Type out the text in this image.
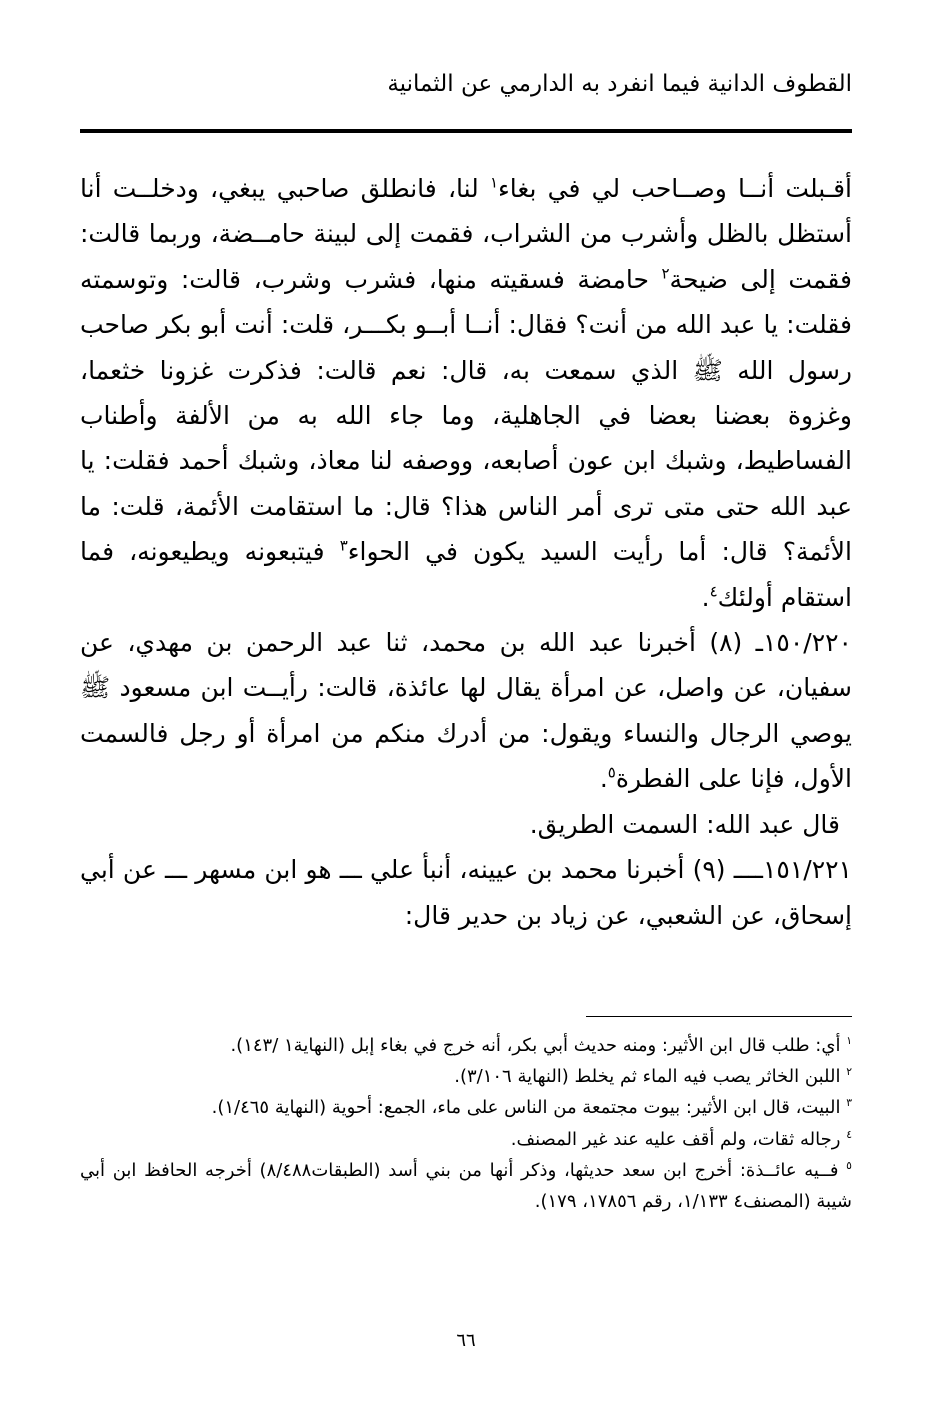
القطوف الدانية فيما انفرد به الدارمي عن الثمانية

أقـبلت أنــا وصــاحب لي في بغاء$^١$ لنا، فانطلق صاحبي يبغي، ودخلــت أنا أستظل بالظل وأشرب من الشراب، فقمت إلى لبينة حامــضة، وربما قالت: فقمت إلى ضيحة$^٢$ حامضة فسقيته منها، فشرب وشرب، قالت: وتوسمته فقلت: يا عبد الله من أنت؟ فقال: أنــا أبــو بكـــر، قلت: أنت أبو بكر صاحب رسول الله ﷺ الذي سمعت به، قال: نعم قالت: فذكرت غزونا خثعما، وغزوة بعضنا بعضا في الجاهلية، وما جاء الله به من الألفة وأطناب الفساطيط، وشبك ابن عون أصابعه، ووصفه لنا معاذ، وشبك أحمد فقلت: يا عبد الله حتى متى ترى أمر الناس هذا؟ قال: ما استقامت الأئمة، قلت: ما الأئمة؟ قال: أما رأيت السيد يكون في الحواء$^٣$ فيتبعونه ويطيعونه، فما استقام أولئك$^٤$.

١٥٠/٢٢٠ـ (٨) أخبرنا عبد الله بن محمد، ثنا عبد الرحمن بن مهدي، عن سفيان، عن واصل، عن امرأة يقال لها عائذة، قالت: رأيــت ابن مسعود ﷺ يوصي الرجال والنساء ويقول: من أدرك منكم من امرأة أو رجل فالسمت الأول، فإنا على الفطرة$^٥$.

قال عبد الله: السمت الطريق.

١٥١/٢٢١ــــ (٩) أخبرنا محمد بن عيينه، أنبأ علي ـــ هو ابن مسهر ـــ عن أبي إسحاق، عن الشعبي، عن زياد بن حدير قال:

$^١$ أي: طلب قال ابن الأثير: ومنه حديث أبي بكر، أنه خرج في بغاء إبل (النهاية١ /١٤٣).

$^٢$ اللبن الخاثر يصب فيه الماء ثم يخلط (النهاية ٣/١٠٦).

$^٣$ البيت، قال ابن الأثير: بيوت مجتمعة من الناس على ماء، الجمع: أحوية (النهاية ١/٤٦٥).

$^٤$ رجاله ثقات، ولم أقف عليه عند غير المصنف.

$^٥$ فــيه عائــذة: أخرج ابن سعد حديثها، وذكر أنها من بني أسد (الطبقات٨/٤٨٨) أخرجه الحافظ ابن أبي شيبة (المصنف٤ ١/١٣٣، رقم ١٧٨٥٦، ١٧٩).

٦٦
